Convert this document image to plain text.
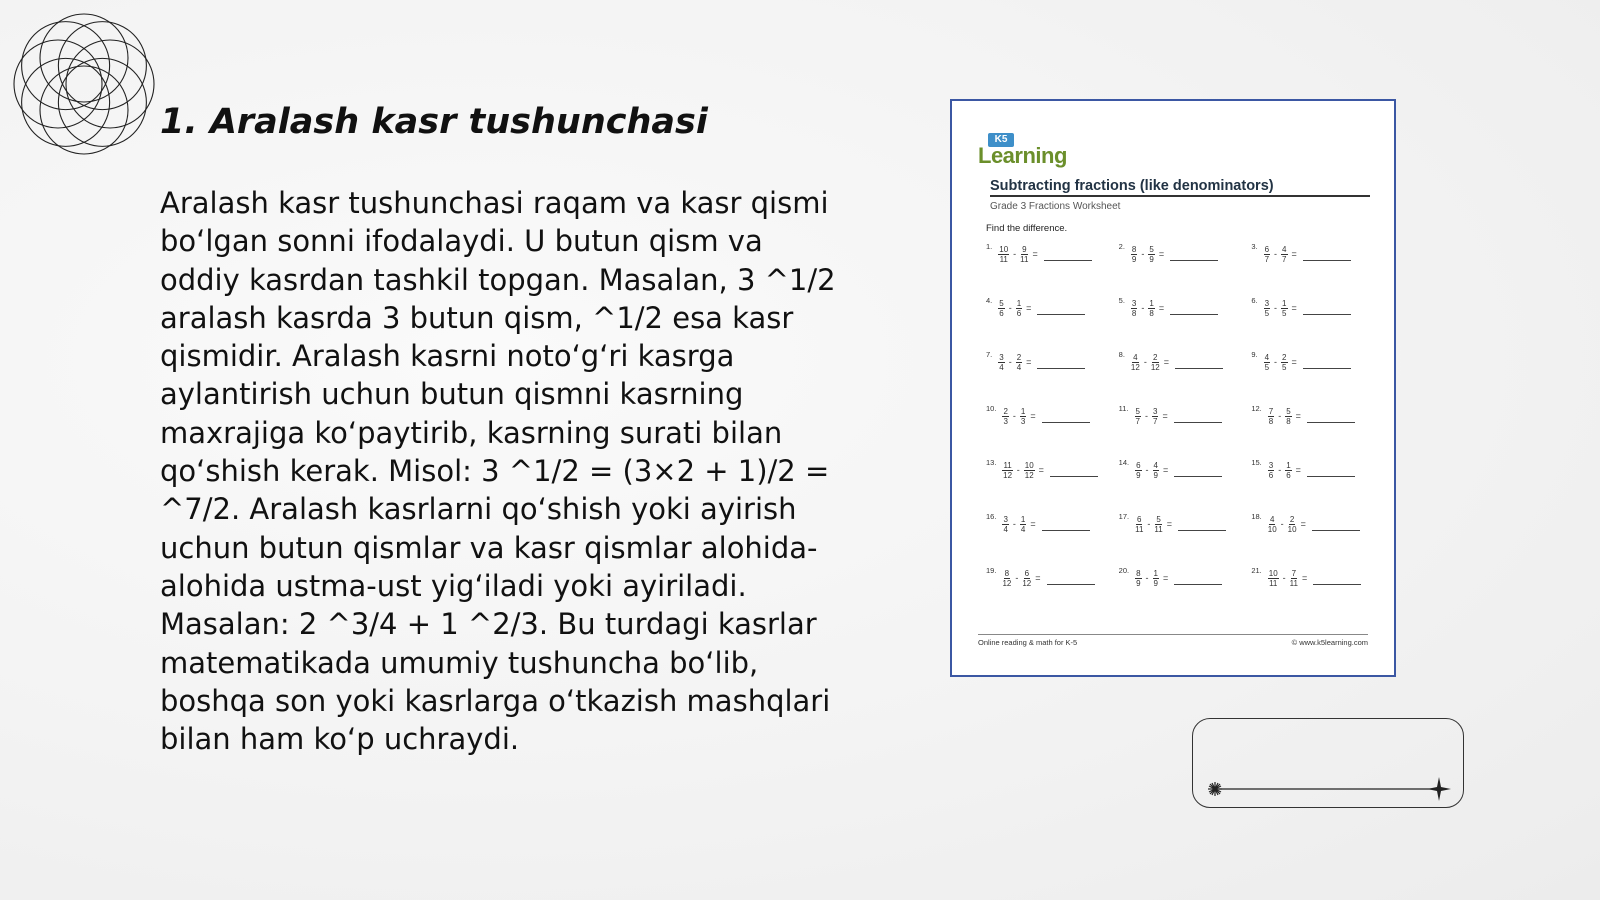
1. Aralash kasr tushunchasi

Aralash kasr tushunchasi raqam va kasr qismi bo‘lgan sonni ifodalaydi. U butun qism va oddiy kasrdan tashkil topgan. Masalan, 3 ^1/2 aralash kasrda 3 butun qism, ^1/2 esa kasr qismidir. Aralash kasrni noto‘g‘ri kasrga aylantirish uchun butun qismni kasrning maxrajiga ko‘paytirib, kasrning surati bilan qo‘shish kerak. Misol: 3 ^1/2 = (3×2 + 1)/2 = ^7/2. Aralash kasrlarni qo‘shish yoki ayirish uchun butun qismlar va kasr qismlar alohida-alohida ustma-ust yig‘iladi yoki ayiriladi. Masalan: 2 ^3/4 + 1 ^2/3. Bu turdagi kasrlar matematikada umumiy tushuncha bo‘lib, boshqa son yoki kasrlarga o‘tkazish mashqlari bilan ham ko‘p uchraydi.

K5
Learning
Subtracting fractions (like denominators)
Grade 3 Fractions Worksheet
Find the difference.
1. $\frac{10}{11} - \frac{9}{11}$ =
2. $\frac{8}{9} - \frac{5}{9}$ =
3. $\frac{6}{7} - \frac{4}{7}$ =
4. $\frac{5}{6} - \frac{1}{6}$ =
5. $\frac{3}{8} - \frac{1}{8}$ =
6. $\frac{3}{5} - \frac{1}{5}$ =
7. $\frac{3}{4} - \frac{2}{4}$ =
8. $\frac{4}{12} - \frac{2}{12}$ =
9. $\frac{4}{5} - \frac{2}{5}$ =
10. $\frac{2}{3} - \frac{1}{3}$ =
11. $\frac{5}{7} - \frac{3}{7}$ =
12. $\frac{7}{8} - \frac{5}{8}$ =
13. $\frac{11}{12} - \frac{10}{12}$ =
14. $\frac{6}{9} - \frac{4}{9}$ =
15. $\frac{3}{6} - \frac{1}{6}$ =
16. $\frac{3}{4} - \frac{1}{4}$ =
17. $\frac{6}{11} - \frac{5}{11}$ =
18. $\frac{4}{10} - \frac{2}{10}$ =
19. $\frac{8}{12} - \frac{6}{12}$ =
20. $\frac{8}{9} - \frac{1}{9}$ =
21. $\frac{10}{11} - \frac{7}{11}$ =
Online reading & math for K-5	© www.k5learning.com
